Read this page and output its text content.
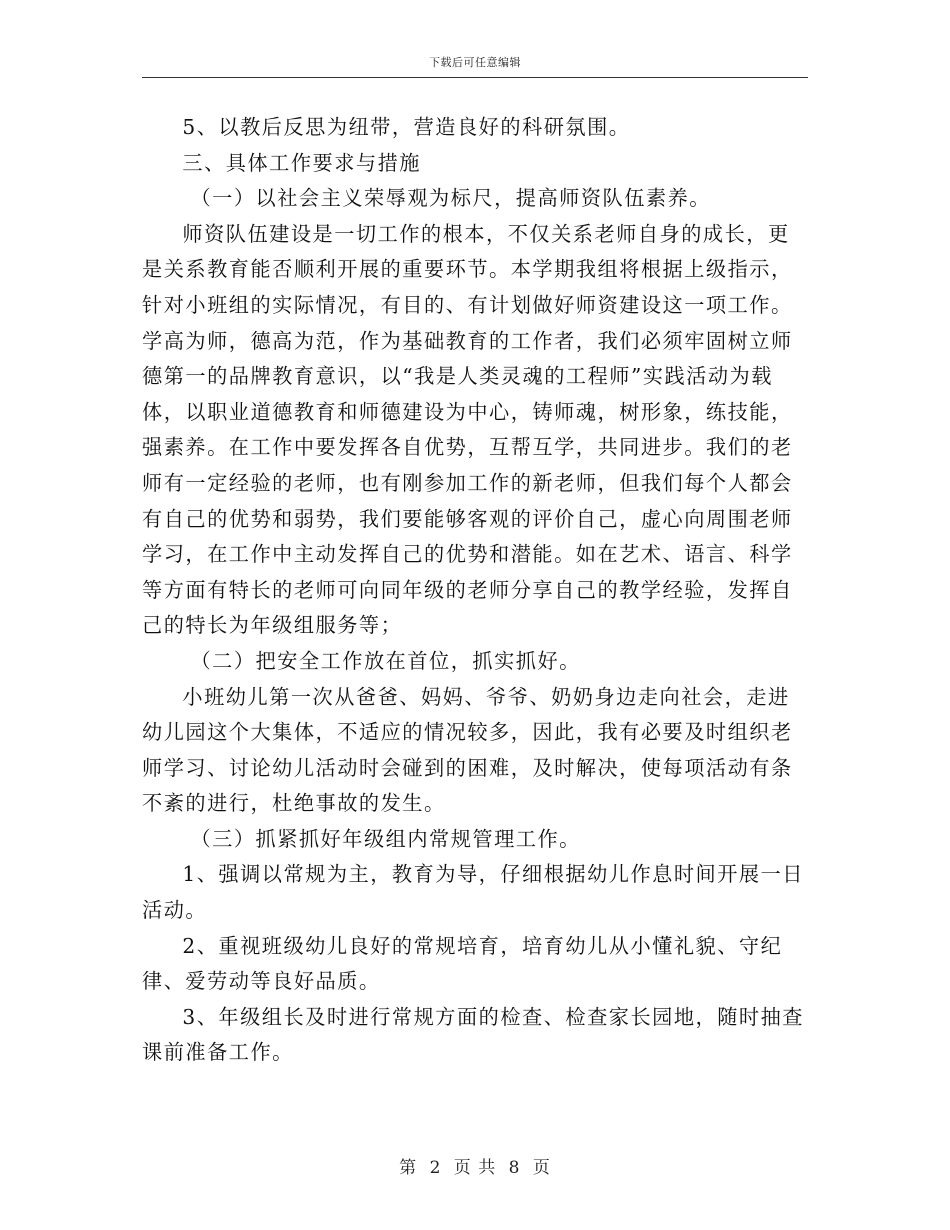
下载后可任意编辑

5、以教后反思为纽带，营造良好的科研氛围。

三、具体工作要求与措施

（一）以社会主义荣辱观为标尺，提高师资队伍素养。

师资队伍建设是一切工作的根本，不仅关系老师自身的成长，更是关系教育能否顺利开展的重要环节。本学期我组将根据上级指示，针对小班组的实际情况，有目的、有计划做好师资建设这一项工作。学高为师，德高为范，作为基础教育的工作者，我们必须牢固树立师德第一的品牌教育意识，以“我是人类灵魂的工程师”实践活动为载体，以职业道德教育和师德建设为中心，铸师魂，树形象，练技能，强素养。在工作中要发挥各自优势，互帮互学，共同进步。我们的老师有一定经验的老师，也有刚参加工作的新老师，但我们每个人都会有自己的优势和弱势，我们要能够客观的评价自己，虚心向周围老师学习，在工作中主动发挥自己的优势和潜能。如在艺术、语言、科学等方面有特长的老师可向同年级的老师分享自己的教学经验，发挥自己的特长为年级组服务等；

（二）把安全工作放在首位，抓实抓好。

小班幼儿第一次从爸爸、妈妈、爷爷、奶奶身边走向社会，走进幼儿园这个大集体，不适应的情况较多，因此，我有必要及时组织老师学习、讨论幼儿活动时会碰到的困难，及时解决，使每项活动有条不紊的进行，杜绝事故的发生。

（三）抓紧抓好年级组内常规管理工作。

1、强调以常规为主，教育为导，仔细根据幼儿作息时间开展一日活动。

2、重视班级幼儿良好的常规培育，培育幼儿从小懂礼貌、守纪律、爱劳动等良好品质。

3、年级组长及时进行常规方面的检查、检查家长园地，随时抽查课前准备工作。

第 2 页 共 8 页
